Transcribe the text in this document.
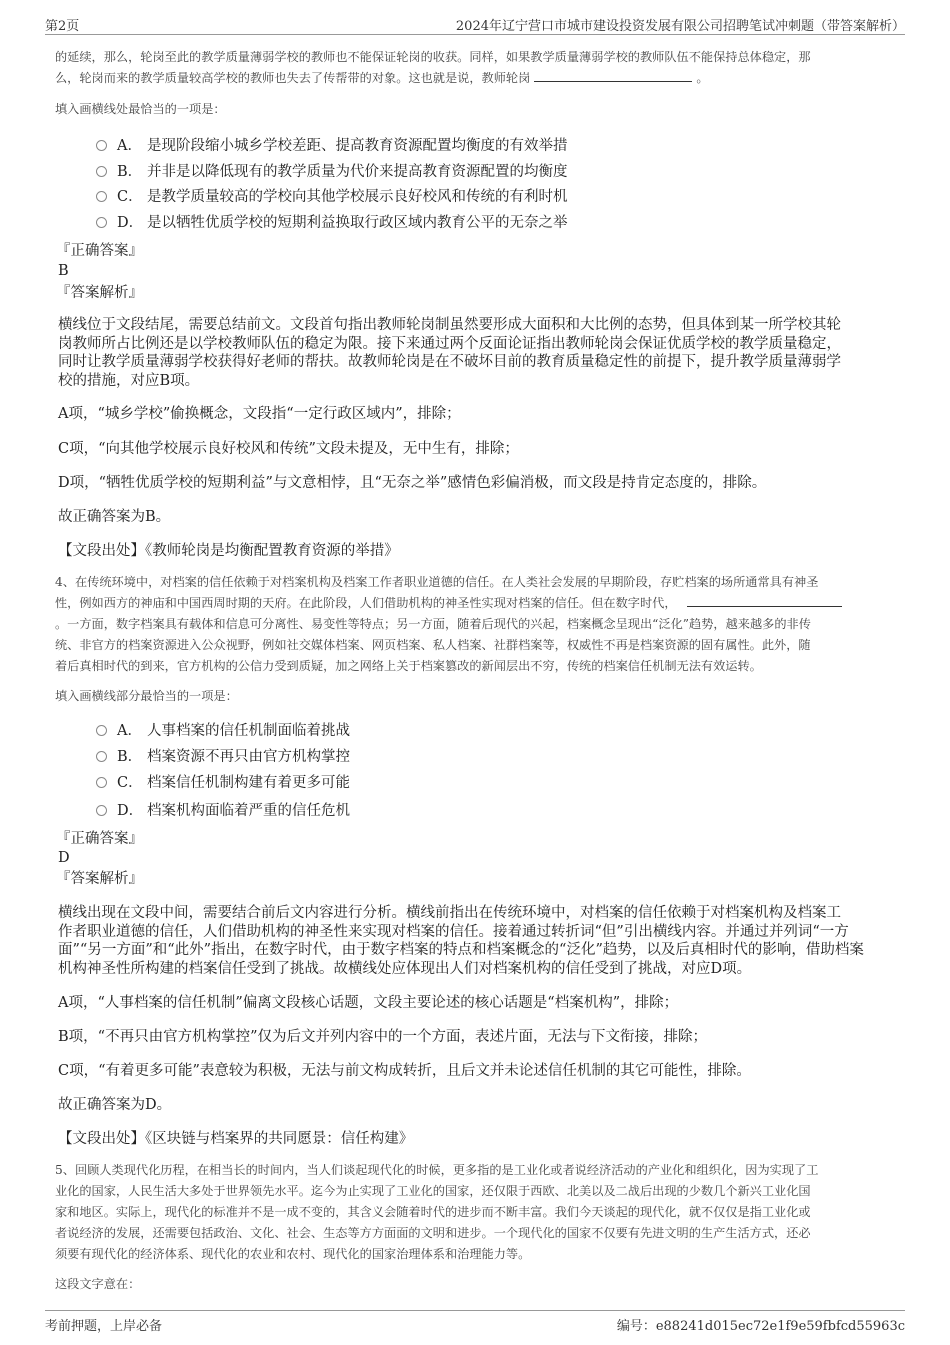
第2页	2024年辽宁营口市城市建设投资发展有限公司招聘笔试冲刺题（带答案解析）
的延续，那么，轮岗至此的教学质量薄弱学校的教师也不能保证轮岗的收获。同样，如果教学质量薄弱学校的教师队伍不能保持总体稳定，那
么，轮岗而来的教学质量较高学校的教师也失去了传帮带的对象。这也就是说，教师轮岗	。
填入画横线处最恰当的一项是：
A． 是现阶段缩小城乡学校差距、提高教育资源配置均衡度的有效举措
B． 并非是以降低现有的教学质量为代价来提高教育资源配置的均衡度
C． 是教学质量较高的学校向其他学校展示良好校风和传统的有利时机
D． 是以牺牲优质学校的短期利益换取行政区域内教育公平的无奈之举
『正确答案』
B
『答案解析』
横线位于文段结尾，需要总结前文。文段首句指出教师轮岗制虽然要形成大面积和大比例的态势，但具体到某一所学校其轮
岗教师所占比例还是以学校教师队伍的稳定为限。接下来通过两个反面论证指出教师轮岗会保证优质学校的教学质量稳定，
同时让教学质量薄弱学校获得好老师的帮扶。故教师轮岗是在不破坏目前的教育质量稳定性的前提下，提升教学质量薄弱学
校的措施，对应B项。
A项，“城乡学校”偷换概念，文段指“一定行政区域内”，排除；
C项，“向其他学校展示良好校风和传统”文段未提及，无中生有，排除；
D项，“牺牲优质学校的短期利益”与文意相悖，且“无奈之举”感情色彩偏消极，而文段是持肯定态度的，排除。
故正确答案为B。
【文段出处】《教师轮岗是均衡配置教育资源的举措》
4、在传统环境中，对档案的信任依赖于对档案机构及档案工作者职业道德的信任。在人类社会发展的早期阶段，存贮档案的场所通常具有神圣
性，例如西方的神庙和中国西周时期的天府。在此阶段，人们借助机构的神圣性实现对档案的信任。但在数字时代，
。一方面，数字档案具有载体和信息可分离性、易变性等特点；另一方面，随着后现代的兴起，档案概念呈现出“泛化”趋势，越来越多的非传
统、非官方的档案资源进入公众视野，例如社交媒体档案、网页档案、私人档案、社群档案等，权威性不再是档案资源的固有属性。此外，随
着后真相时代的到来，官方机构的公信力受到质疑，加之网络上关于档案篡改的新闻层出不穷，传统的档案信任机制无法有效运转。
填入画横线部分最恰当的一项是：
A． 人事档案的信任机制面临着挑战
B． 档案资源不再只由官方机构掌控
C． 档案信任机制构建有着更多可能
D． 档案机构面临着严重的信任危机
『正确答案』
D
『答案解析』
横线出现在文段中间，需要结合前后文内容进行分析。横线前指出在传统环境中，对档案的信任依赖于对档案机构及档案工
作者职业道德的信任，人们借助机构的神圣性来实现对档案的信任。接着通过转折词“但”引出横线内容。并通过并列词“一方
面”“另一方面”和“此外”指出，在数字时代，由于数字档案的特点和档案概念的“泛化”趋势，以及后真相时代的影响，借助档案
机构神圣性所构建的档案信任受到了挑战。故横线处应体现出人们对档案机构的信任受到了挑战，对应D项。
A项，“人事档案的信任机制”偏离文段核心话题，文段主要论述的核心话题是“档案机构”，排除；
B项，“不再只由官方机构掌控”仅为后文并列内容中的一个方面，表述片面，无法与下文衔接，排除；
C项，“有着更多可能”表意较为积极，无法与前文构成转折，且后文并未论述信任机制的其它可能性，排除。
故正确答案为D。
【文段出处】《区块链与档案界的共同愿景：信任构建》
5、回顾人类现代化历程，在相当长的时间内，当人们谈起现代化的时候，更多指的是工业化或者说经济活动的产业化和组织化，因为实现了工
业化的国家，人民生活大多处于世界领先水平。迄今为止实现了工业化的国家，还仅限于西欧、北美以及二战后出现的少数几个新兴工业化国
家和地区。实际上，现代化的标准并不是一成不变的，其含义会随着时代的进步而不断丰富。我们今天谈起的现代化，就不仅仅是指工业化或
者说经济的发展，还需要包括政治、文化、社会、生态等方方面面的文明和进步。一个现代化的国家不仅要有先进文明的生产生活方式，还必
须要有现代化的经济体系、现代化的农业和农村、现代化的国家治理体系和治理能力等。
这段文字意在：
考前押题，上岸必备	编号：e88241d015ec72e1f9e59fbfcd55963c
